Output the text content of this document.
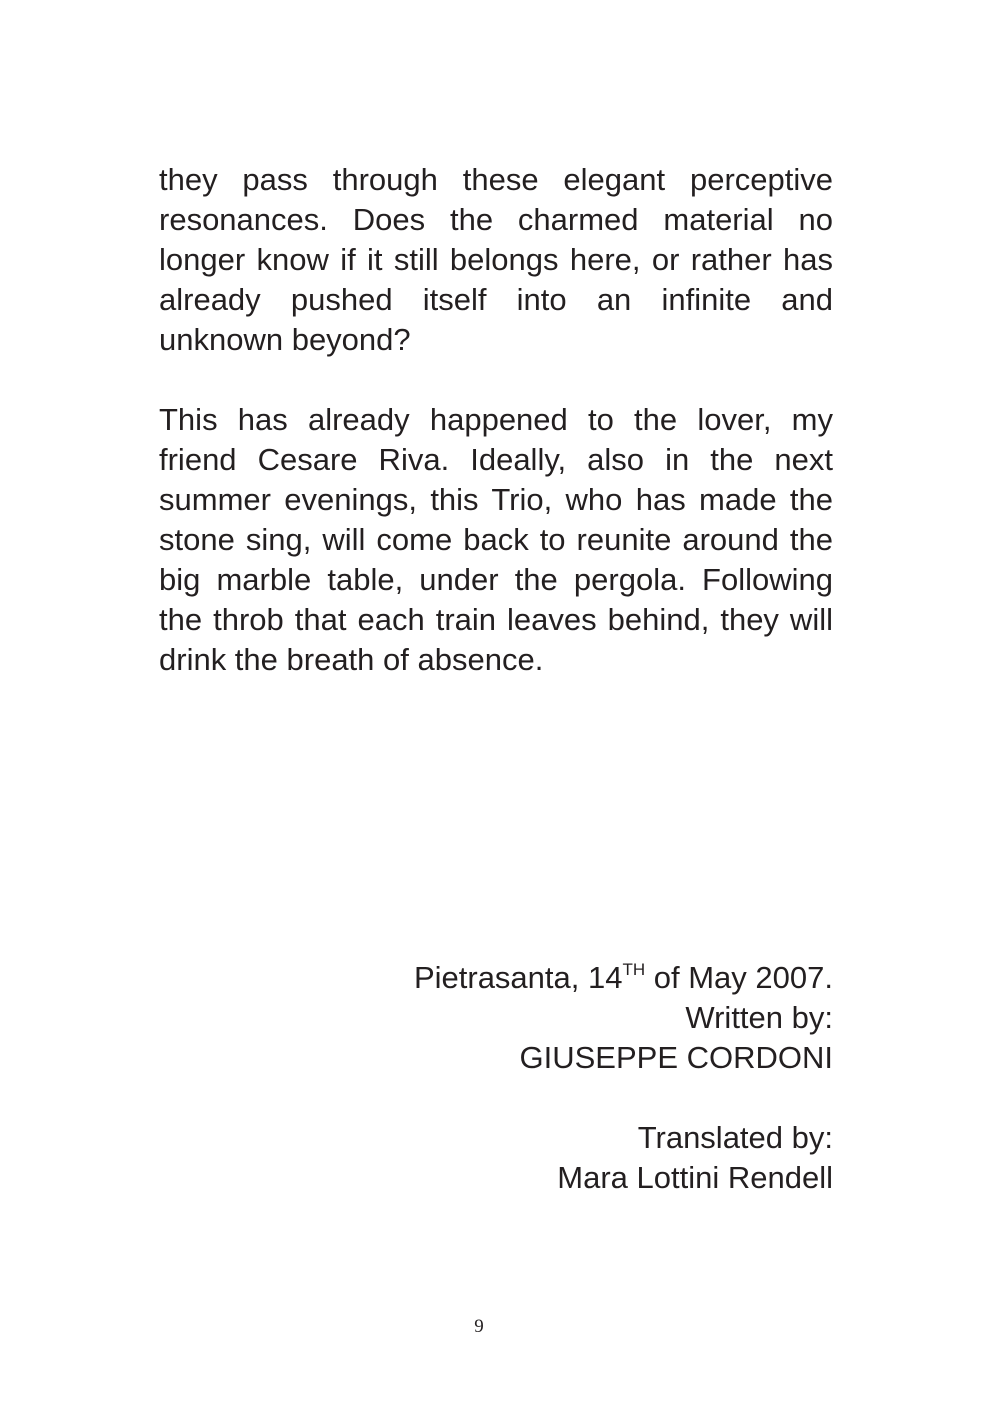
they pass through these elegant perceptive resonances. Does the charmed material no longer know if it still belongs here, or rather has already pushed itself into an infinite and unknown beyond?

This has already happened to the lover, my friend Cesare Riva. Ideally, also in the next summer evenings, this Trio, who has made the stone sing, will come back to reunite around the big marble table, under the pergola. Following the throb that each train leaves behind, they will drink the breath of absence.

Pietrasanta, 14TH of May 2007.
Written by:
GIUSEPPE CORDONI
Translated by:
Mara Lottini Rendell
9
